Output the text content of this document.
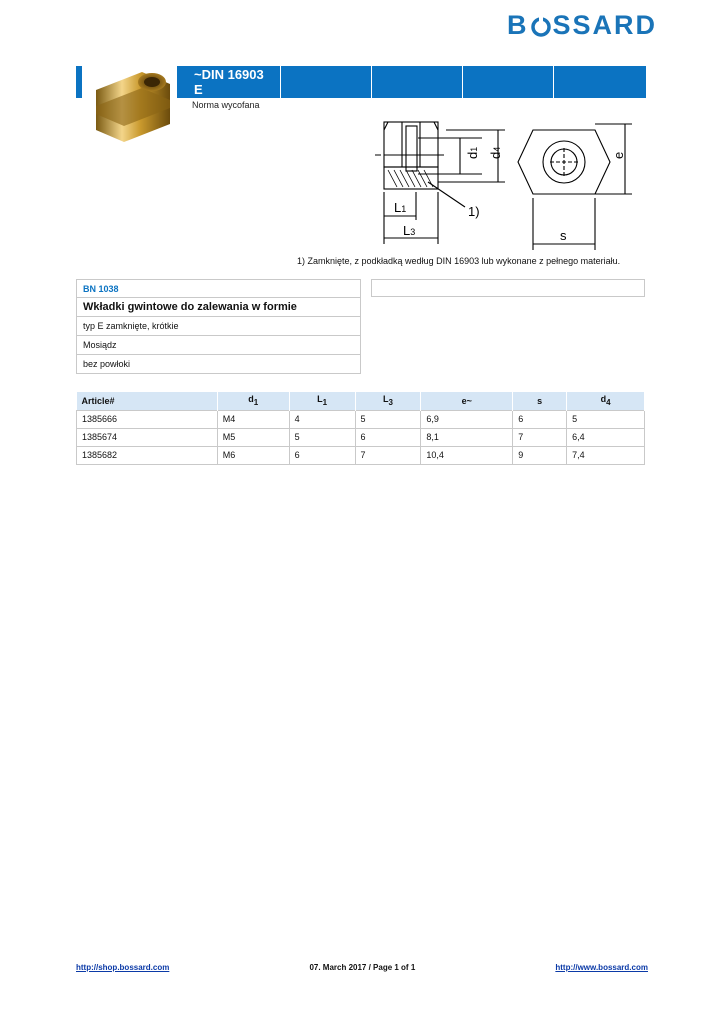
B SSARD
~DIN 16903
E
Norma wycofana
d1
d4
e
L1
L3
1)
s
1) Zamknięte, z podkładką według DIN 16903 lub wykonane z pełnego materiału.
BN 1038
Wkładki gwintowe do zalewania w formie
typ E zamknięte, krótkie
Mosiądz
bez powłoki
Article#	$d_1$	$L_1$	$L_3$	e~	s	$d_4$
1385666	M4	4	5	6,9	6	5
1385674	M5	5	6	8,1	7	6,4
1385682	M6	6	7	10,4	9	7,4
http://shop.bossard.com	07. March 2017 / Page 1 of 1	http://www.bossard.com
